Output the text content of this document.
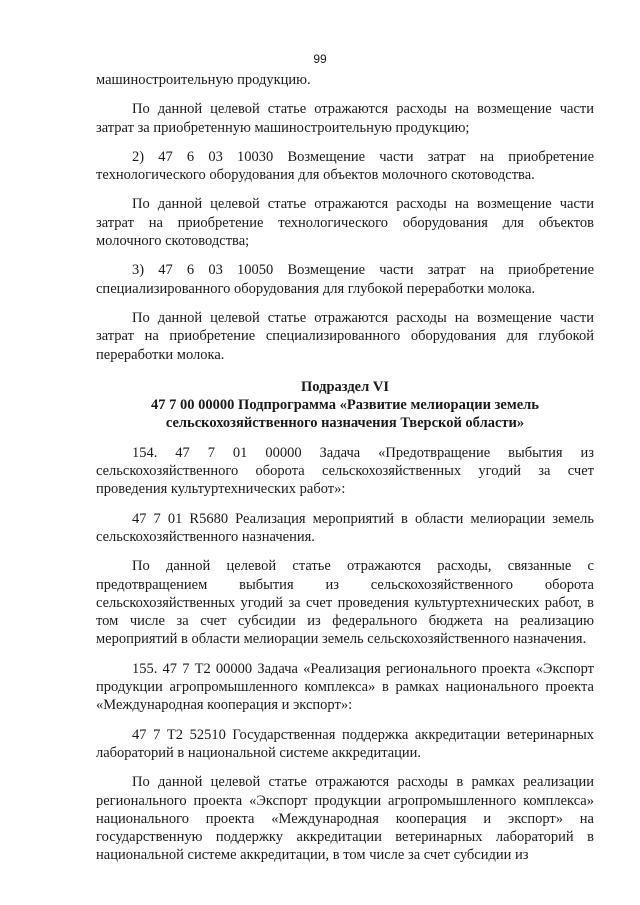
99

машиностроительную продукцию.

По данной целевой статье отражаются расходы на возмещение части затрат за приобретенную машиностроительную продукцию;

2) 47 6 03 10030 Возмещение части затрат на приобретение технологического оборудования для объектов молочного скотоводства.

По данной целевой статье отражаются расходы на возмещение части затрат на приобретение технологического оборудования для объектов молочного скотоводства;

3) 47 6 03 10050 Возмещение части затрат на приобретение специализированного оборудования для глубокой переработки молока.

По данной целевой статье отражаются расходы на возмещение части затрат на приобретение специализированного оборудования для глубокой переработки молока.

Подраздел VI
47 7 00 00000 Подпрограмма «Развитие мелиорации земель
сельскохозяйственного назначения Тверской области»

154. 47 7 01 00000 Задача «Предотвращение выбытия из сельскохозяйственного оборота сельскохозяйственных угодий за счет проведения культуртехнических работ»:

47 7 01 R5680 Реализация мероприятий в области мелиорации земель сельскохозяйственного назначения.

По данной целевой статье отражаются расходы, связанные с предотвращением выбытия из сельскохозяйственного оборота сельскохозяйственных угодий за счет проведения культуртехнических работ, в том числе за счет субсидии из федерального бюджета на реализацию мероприятий в области мелиорации земель сельскохозяйственного назначения.

155. 47 7 Т2 00000 Задача «Реализация регионального проекта «Экспорт продукции агропромышленного комплекса» в рамках национального проекта «Международная кооперация и экспорт»:

47 7 Т2 52510 Государственная поддержка аккредитации ветеринарных лабораторий в национальной системе аккредитации.

По данной целевой статье отражаются расходы в рамках реализации регионального проекта «Экспорт продукции агропромышленного комплекса» национального проекта «Международная кооперация и экспорт» на государственную поддержку аккредитации ветеринарных лабораторий в национальной системе аккредитации, в том числе за счет субсидии из
